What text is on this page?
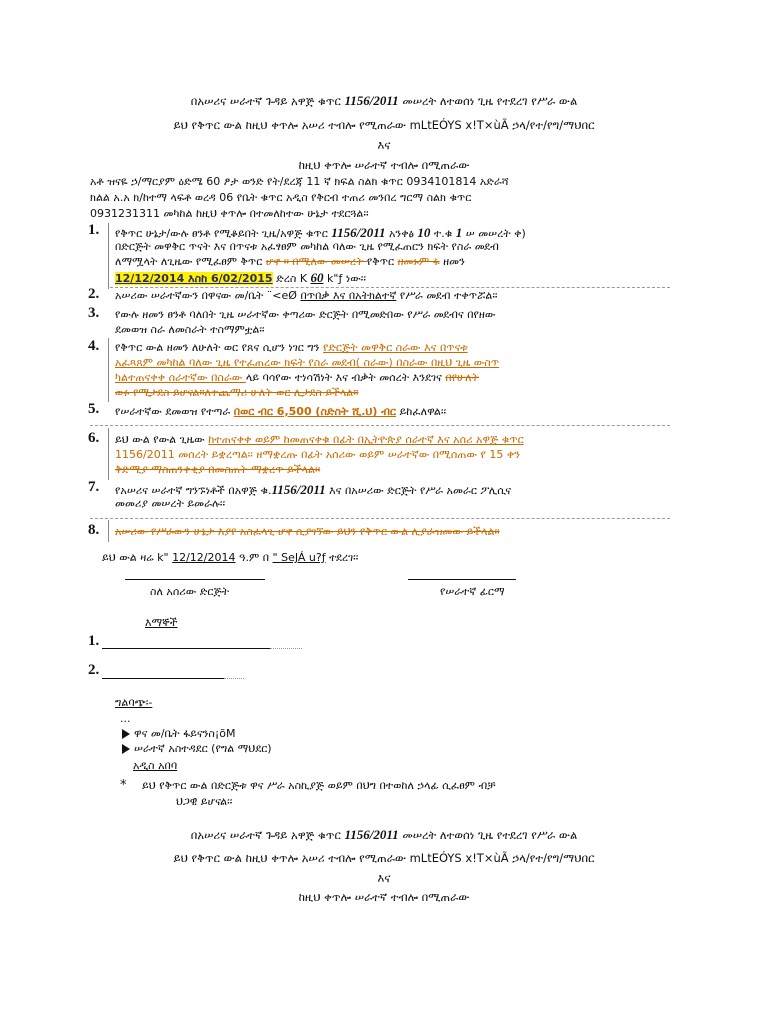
በአሠሪና ሠራተኛ ጉዳይ አዋጅ ቁጥር 1156/2011 መሠረት ለተወሰነ ጊዜ የተደረገ የሥራ ውል
ይህ የቅጥር ውል ከዚህ ቀጥሎ አሠሪ ተብሎ የሚጠራው mLtEÓYS x!T×ùÃ ኃላ/የተ/የግ/ማህበር
እና
ከዚህ ቀጥሎ ሠራተኛ ተብሎ በሚጠራው
አቶ ዝናዬ ኃ/ማርያም ዕድሜ 60 ፆታ ወንድ የት/ደረጃ 11 ኛ ክፍል ስልክ ቁጥር 0934101814 አድራሻ
ክልል አ.አ ክ/ከተማ ላፍቶ ወረዳ 06 የቤት ቁጥር አዲስ የቅርብ ተጠሪ መንበረ ግርማ ስልክ ቁጥር
0931231311 መካከል ከዚህ ቀጥሎ በተመለከተው ሁኔታ ተደርጓል፡፡
1. የቅጥር ሁኔታ/ውሉ ፀንቶ የሚቆይበት ጊዜ/አዋጅ ቁጥር 1156/2011 አንቀፅ 10 ተ.ቁ 1 ሠ መሠረት ቀ)
በድርጅት መዋቅር ጥናት እና በጥናቱ አፈፃፀም መካከል ባለው ጊዜ የሚፈጠርን ክፍት የስራ መደብ
ለማሟላት ለጊዜው የሚፈፀም ቅጥር ሆኖ ፡፡ በሚለው መሠረት የቅጥር ዘመኑም ፋ ዘመን
12/12/2014 እስከ 6/02/2015 ድረስ K 60 k"ƒ ነው፡፡
2. አሠሪው ሠራተኛውን በዋናው መ/ቤት ¨<eØ በጥበቃ እና በአትክልተኛ የሥራ መደብ ተቀጥሯል፡፡
3. የውሉ ዘመን ፀንቶ ባለበት ጊዜ ሠራተኛው ቀጣሪው ድርጅት በሚመድበው የሥራ መደብና በየዘው
ደመወዝ ስራ ለመስራት ተስማምቷል፡፡
4. የቅጥር ውል ዘመን ለሁለት ወር የጸና ሲሆን ነገር ግን የድርጅት መዋቅር ስራው እና በጥናቱ
አፈጻጸም መካከል ባለው ጊዜ የተፈጠረው ክፍት የስራ መደብ( ስራው) በስራው በዚህ ጊዜ ውስጥ
ካልተጠናቀቀ ሰራተኛው በስራው ላይ ባሳየው ተነሳሽነት እና ብቃት መሰረት እንደገና በየሁለት
ወሩ የሚታደስ ይሆናል።ለተጨማሪ ሁለት ወር ሊታደስ ይችላል።
5. የሠራተኛው ደመወዝ የተጣራ በወር ብር 6,500 (ስድስት ሺ.ህ) ብር ይከፈለዋል፡፡
6. ይህ ውል የውል ጊዜው ከተጠናቀቀ ወይም ከመጠናቀቁ በፊት በኢትዮጵያ ሰራተኛ እና አሰሪ አዋጅ ቁጥር
1156/2011 መሰረት ይቋረጣል፡፡ ዘማቋረጡ በፊት አሰሪው ወይም ሠራተኛው በሚሰጠው የ 15 ቀን
ቅድሚያ ማስጠንቀቂያ በመስጠት ማቋረጥ ይችላል፡፡
7. የአሠሪና ሠራተኛ ግንኙነቶች በአዋጅ ቁ.1156/2011 እና በአሠሪው ድርጅት የሥራ አመራር ፖሊሲና
መመሪያ መሠረት ይመራሉ፡፡
8. አሠሪው የሥራውን ሁኔታ እያየ አስፈላጊ ሆኖ ሲያገኘው ይህን የቅጥር ውል ሊያራዝመው ይችላል፡፡
ይህ ውል ዛሬ k" 12/12/2014 ዓ.ም በ " SeJÁ u?ƒ ተደረገ፡፡
ስለ አሰሪው ድርጅት	የሠራተኛ ፊርማ
እማኞች
1.
2.
ግልባጭ፡-
...
ዋና መ/ቤት ፋይናንስ¡õM
ሠራተኛ አስተዳደር (የግል ማህደር)
አዲስ አበባ
* ይህ የቅጥር ውል በድርጅቱ ዋና ሥራ አስኪያጅ ወይም በህግ በተወከለ ኃላፊ ሲፈፀም ብቻ
ህጋዊ ይሆናል፡፡
በአሠሪና ሠራተኛ ጉዳይ አዋጅ ቁጥር 1156/2011 መሠረት ለተወሰነ ጊዜ የተደረገ የሥራ ውል
ይህ የቅጥር ውል ከዚህ ቀጥሎ አሠሪ ተብሎ የሚጠራው mLtEÓYS x!T×ùÃ ኃላ/የተ/የግ/ማህበር
እና
ከዚህ ቀጥሎ ሠራተኛ ተብሎ በሚጠራው
